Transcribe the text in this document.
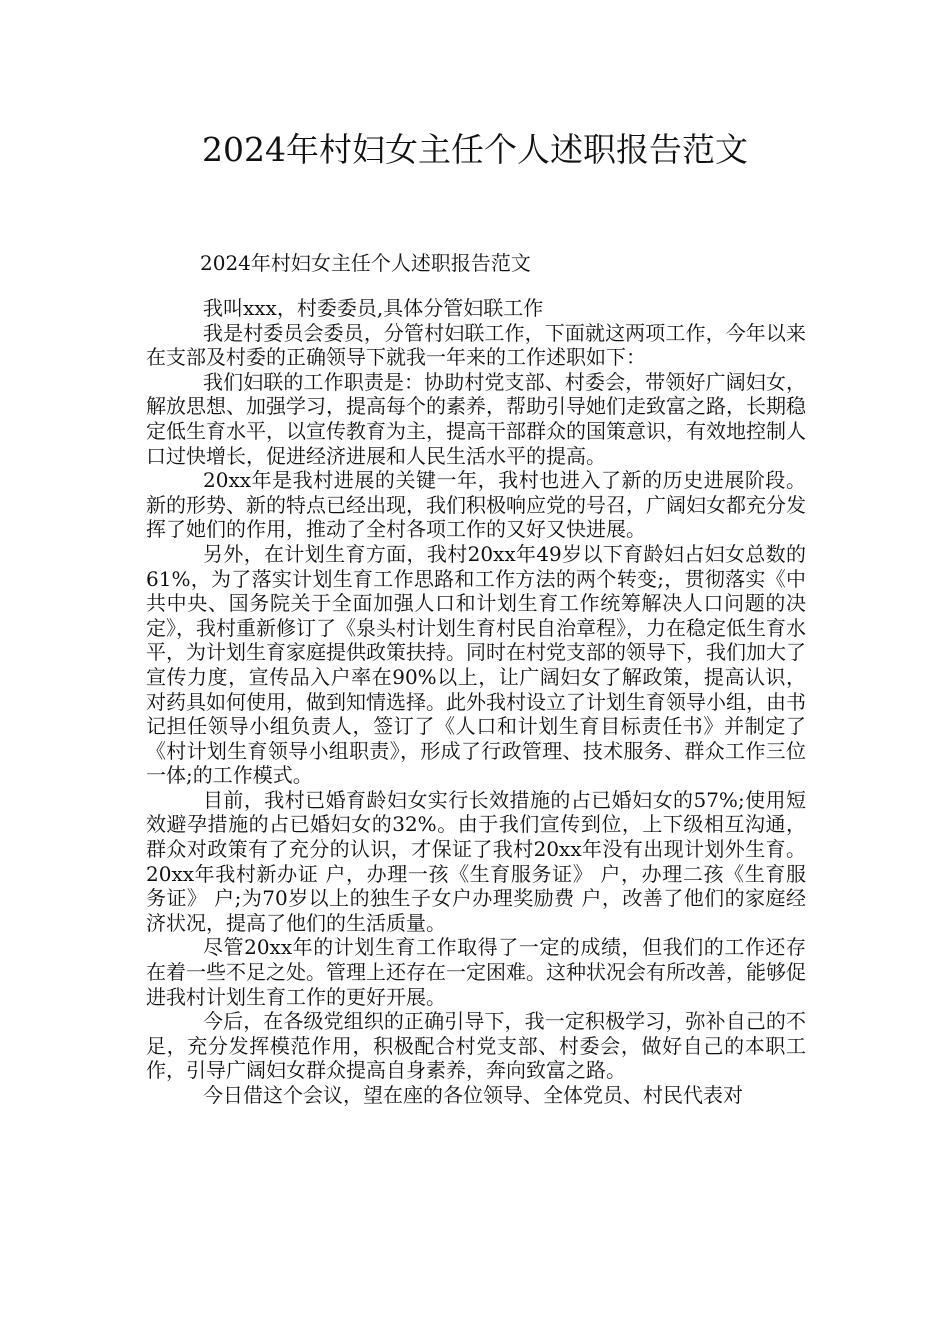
2024年村妇女主任个人述职报告范文

2024年村妇女主任个人述职报告范文

我叫xxx，村委委员,具体分管妇联工作

我是村委员会委员，分管村妇联工作，下面就这两项工作，今年以来在支部及村委的正确领导下就我一年来的工作述职如下：

我们妇联的工作职责是：协助村党支部、村委会，带领好广阔妇女，解放思想、加强学习，提高每个的素养，帮助引导她们走致富之路，长期稳定低生育水平，以宣传教育为主，提高干部群众的国策意识，有效地控制人口过快增长，促进经济进展和人民生活水平的提高。

20xx年是我村进展的关键一年，我村也进入了新的历史进展阶段。新的形势、新的特点已经出现，我们积极响应党的号召，广阔妇女都充分发挥了她们的作用，推动了全村各项工作的又好又快进展。

另外，在计划生育方面，我村20xx年49岁以下育龄妇占妇女总数的61%，为了落实计划生育工作思路和工作方法的两个转变;，贯彻落实《中共中央、国务院关于全面加强人口和计划生育工作统筹解决人口问题的决定》，我村重新修订了《泉头村计划生育村民自治章程》，力在稳定低生育水平，为计划生育家庭提供政策扶持。同时在村党支部的领导下，我们加大了宣传力度，宣传品入户率在90%以上，让广阔妇女了解政策，提高认识，对药具如何使用，做到知情选择。此外我村设立了计划生育领导小组，由书记担任领导小组负责人，签订了《人口和计划生育目标责任书》并制定了《村计划生育领导小组职责》，形成了行政管理、技术服务、群众工作三位一体;的工作模式。

目前，我村已婚育龄妇女实行长效措施的占已婚妇女的57%;使用短效避孕措施的占已婚妇女的32%。由于我们宣传到位，上下级相互沟通，群众对政策有了充分的认识，才保证了我村20xx年没有出现计划外生育。20xx年我村新办证 户，办理一孩《生育服务证》 户，办理二孩《生育服务证》 户;为70岁以上的独生子女户办理奖励费 户，改善了他们的家庭经济状况，提高了他们的生活质量。

尽管20xx年的计划生育工作取得了一定的成绩，但我们的工作还存在着一些不足之处。管理上还存在一定困难。这种状况会有所改善，能够促进我村计划生育工作的更好开展。

今后，在各级党组织的正确引导下，我一定积极学习，弥补自己的不足，充分发挥模范作用，积极配合村党支部、村委会，做好自己的本职工作，引导广阔妇女群众提高自身素养，奔向致富之路。

今日借这个会议，望在座的各位领导、全体党员、村民代表对
